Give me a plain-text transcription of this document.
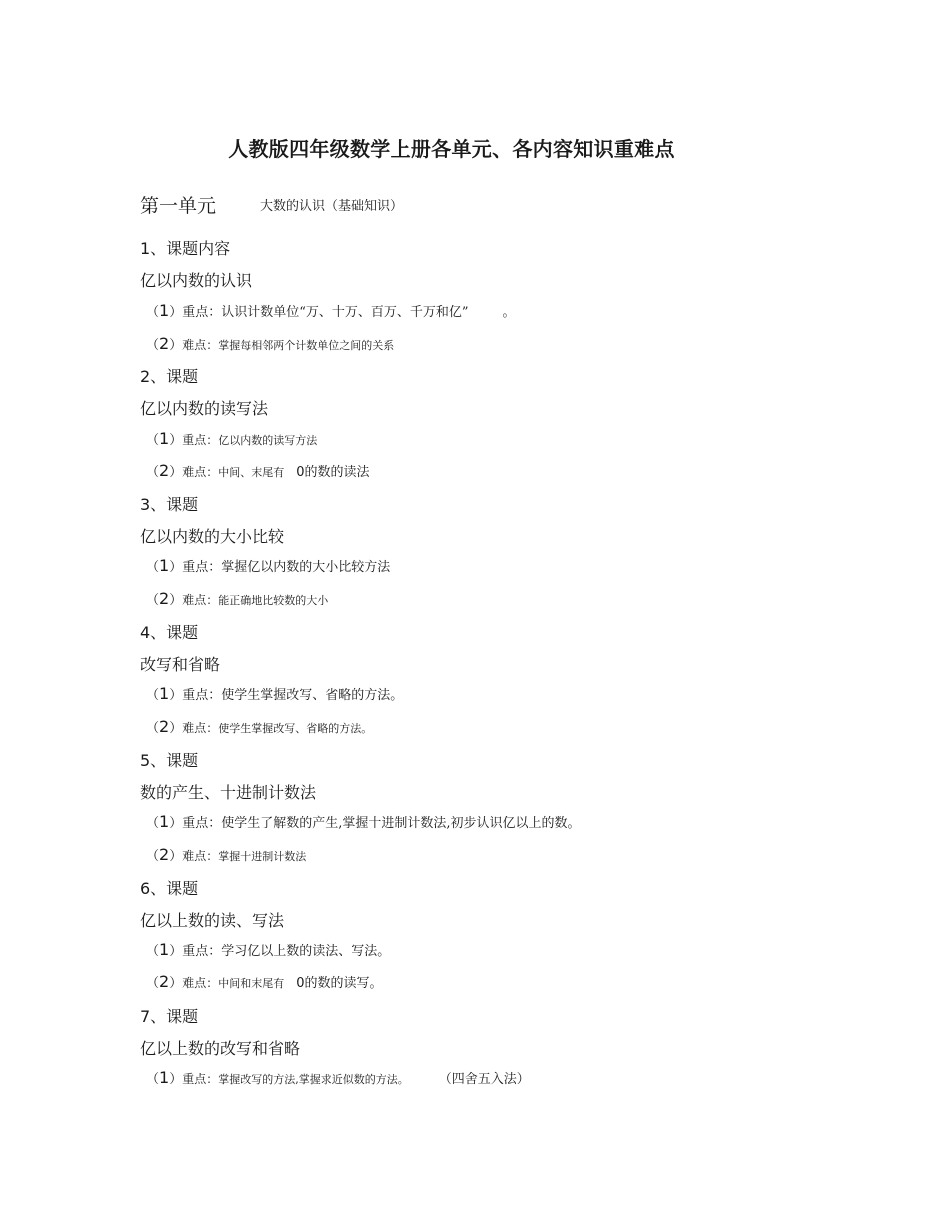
人教版四年级数学上册各单元、各内容知识重难点
第一单元	大数的认识（基础知识）
1、课题内容
亿以内数的认识
（1）重点：认识计数单位“万、十万、百万、千万和亿”	。
（2）难点：掌握每相邻两个计数单位之间的关系
2、课题
亿以内数的读写法
（1）重点：亿以内数的读写方法
（2）难点：中间、末尾有 0的数的读法
3、课题
亿以内数的大小比较
（1）重点：掌握亿以内数的大小比较方法
（2）难点：能正确地比较数的大小
4、课题
改写和省略
（1）重点：使学生掌握改写、省略的方法。
（2）难点：使学生掌握改写、省略的方法。
5、课题
数的产生、十进制计数法
（1）重点：使学生了解数的产生,掌握十进制计数法,初步认识亿以上的数。
（2）难点：掌握十进制计数法
6、课题
亿以上数的读、写法
（1）重点：学习亿以上数的读法、写法。
（2）难点：中间和末尾有 0的数的读写。
7、课题
亿以上数的改写和省略
（1）重点：掌握改写的方法,掌握求近似数的方法。 （四舍五入法）
